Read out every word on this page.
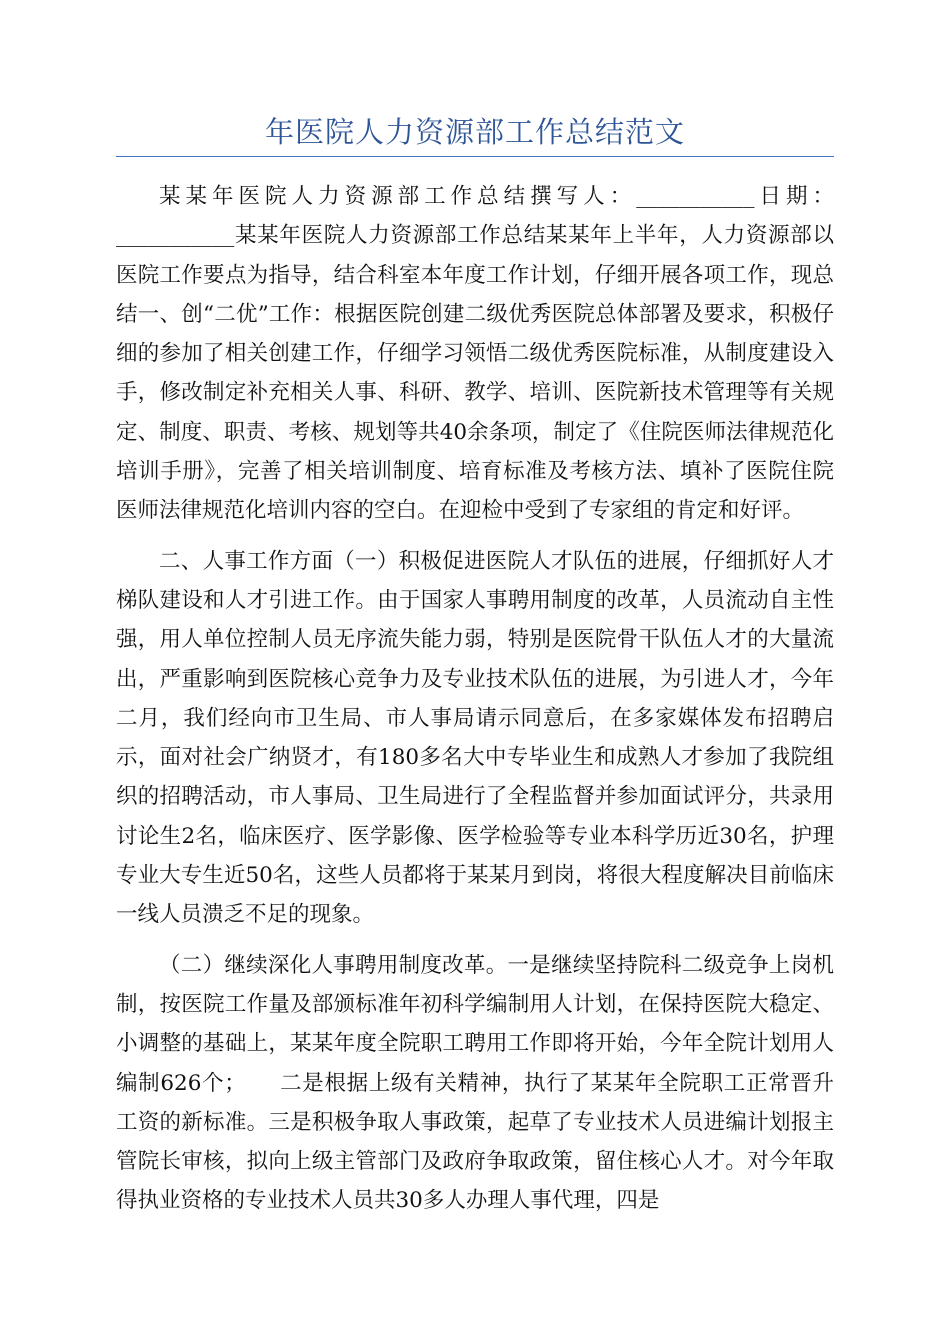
年医院人力资源部工作总结范文

某某年医院人力资源部工作总结撰写人：___________日期：___________某某年医院人力资源部工作总结某某年上半年，人力资源部以医院工作要点为指导，结合科室本年度工作计划，仔细开展各项工作，现总结一、创“二优”工作：根据医院创建二级优秀医院总体部署及要求，积极仔细的参加了相关创建工作，仔细学习领悟二级优秀医院标准，从制度建设入手，修改制定补充相关人事、科研、教学、培训、医院新技术管理等有关规定、制度、职责、考核、规划等共40余条项，制定了《住院医师法律规范化培训手册》，完善了相关培训制度、培育标准及考核方法、填补了医院住院医师法律规范化培训内容的空白。在迎检中受到了专家组的肯定和好评。

二、人事工作方面（一）积极促进医院人才队伍的进展，仔细抓好人才梯队建设和人才引进工作。由于国家人事聘用制度的改革，人员流动自主性强，用人单位控制人员无序流失能力弱，特别是医院骨干队伍人才的大量流出，严重影响到医院核心竞争力及专业技术队伍的进展，为引进人才，今年二月，我们经向市卫生局、市人事局请示同意后，在多家媒体发布招聘启示，面对社会广纳贤才，有180多名大中专毕业生和成熟人才参加了我院组织的招聘活动，市人事局、卫生局进行了全程监督并参加面试评分，共录用讨论生2名，临床医疗、医学影像、医学检验等专业本科学历近30名，护理专业大专生近50名，这些人员都将于某某月到岗，将很大程度解决目前临床一线人员溃乏不足的现象。

（二）继续深化人事聘用制度改革。一是继续坚持院科二级竞争上岗机制，按医院工作量及部颁标准年初科学编制用人计划，在保持医院大稳定、小调整的基础上，某某年度全院职工聘用工作即将开始，今年全院计划用人编制626个；　　二是根据上级有关精神，执行了某某年全院职工正常晋升工资的新标准。三是积极争取人事政策，起草了专业技术人员进编计划报主管院长审核，拟向上级主管部门及政府争取政策，留住核心人才。对今年取得执业资格的专业技术人员共30多人办理人事代理，四是
